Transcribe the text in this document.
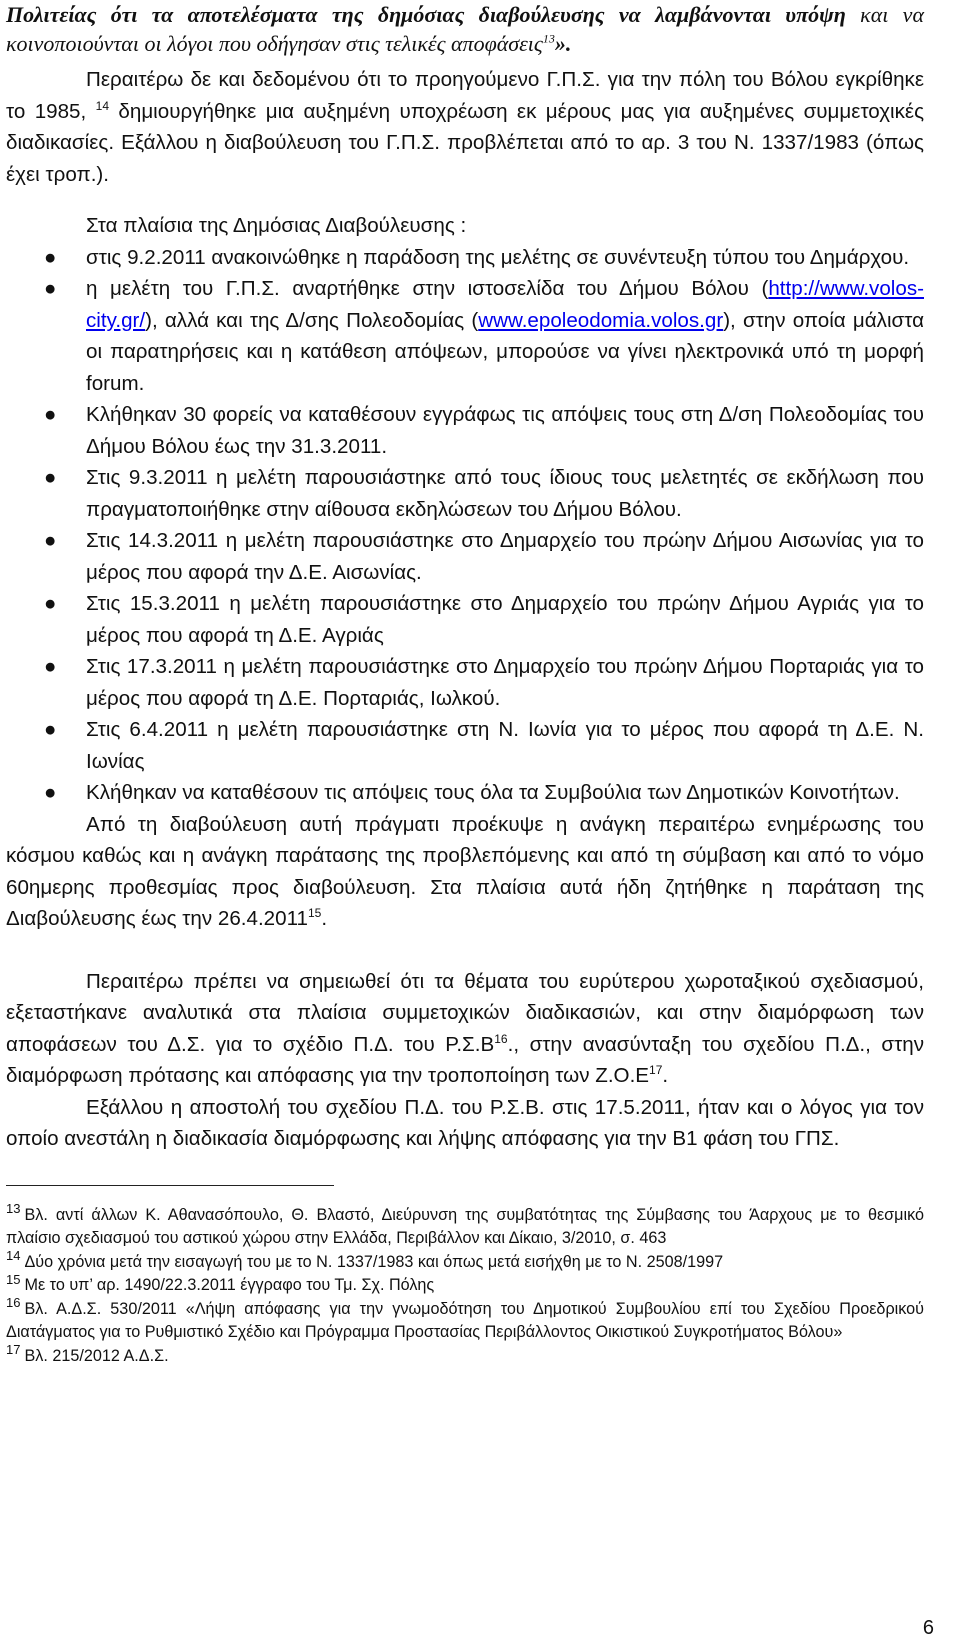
Πολιτείας ότι τα αποτελέσματα της δημόσιας διαβούλευσης να λαμβάνονται υπόψη και να κοινοποιούνται οι λόγοι που οδήγησαν στις τελικές αποφάσεις$^{13}$».

Περαιτέρω δε και δεδομένου ότι το προηγούμενο Γ.Π.Σ. για την πόλη του Βόλου εγκρίθηκε το 1985, $^{14}$ δημιουργήθηκε μια αυξημένη υποχρέωση εκ μέρους μας για αυξημένες συμμετοχικές διαδικασίες. Εξάλλου η διαβούλευση του Γ.Π.Σ. προβλέπεται από το αρ. 3 του Ν. 1337/1983 (όπως έχει τροπ.).

Στα πλαίσια της Δημόσιας Διαβούλευσης :

● στις 9.2.2011 ανακοινώθηκε η παράδοση της μελέτης σε συνέντευξη τύπου του Δημάρχου.
● η μελέτη του Γ.Π.Σ. αναρτήθηκε στην ιστοσελίδα του Δήμου Βόλου (http://www.volos-city.gr/), αλλά και της Δ/σης Πολεοδομίας (www.epoleodomia.volos.gr), στην οποία μάλιστα οι παρατηρήσεις και η κατάθεση απόψεων, μπορούσε να γίνει ηλεκτρονικά υπό τη μορφή forum.
● Κλήθηκαν 30 φορείς να καταθέσουν εγγράφως τις απόψεις τους στη Δ/ση Πολεοδομίας του Δήμου Βόλου έως την 31.3.2011.
● Στις 9.3.2011 η μελέτη παρουσιάστηκε από τους ίδιους τους μελετητές σε εκδήλωση που πραγματοποιήθηκε στην αίθουσα εκδηλώσεων του Δήμου Βόλου.
● Στις 14.3.2011 η μελέτη παρουσιάστηκε στο Δημαρχείο του πρώην Δήμου Αισωνίας για το μέρος που αφορά την Δ.Ε. Αισωνίας.
● Στις 15.3.2011 η μελέτη παρουσιάστηκε στο Δημαρχείο του πρώην Δήμου Αγριάς για το μέρος που αφορά τη Δ.Ε. Αγριάς
● Στις 17.3.2011 η μελέτη παρουσιάστηκε στο Δημαρχείο του πρώην Δήμου Πορταριάς για το μέρος που αφορά τη Δ.Ε. Πορταριάς, Ιωλκού.
● Στις 6.4.2011 η μελέτη παρουσιάστηκε στη Ν. Ιωνία για το μέρος που αφορά τη Δ.Ε. Ν. Ιωνίας
● Κλήθηκαν να καταθέσουν τις απόψεις τους όλα τα Συμβούλια των Δημοτικών Κοινοτήτων.

Από τη διαβούλευση αυτή πράγματι προέκυψε η ανάγκη περαιτέρω ενημέρωσης του κόσμου καθώς και η ανάγκη παράτασης της προβλεπόμενης και από τη σύμβαση και από το νόμο 60ημερης προθεσμίας προς διαβούλευση. Στα πλαίσια αυτά ήδη ζητήθηκε η παράταση της Διαβούλευσης έως την 26.4.2011$^{15}$.

Περαιτέρω πρέπει να σημειωθεί ότι τα θέματα του ευρύτερου χωροταξικού σχεδιασμού, εξεταστήκανε αναλυτικά στα πλαίσια συμμετοχικών διαδικασιών, και στην διαμόρφωση των αποφάσεων του Δ.Σ. για το σχέδιο Π.Δ. του $P.\Sigma.B^{16}$., στην ανασύνταξη του σχεδίου Π.Δ., στην διαμόρφωση πρότασης και απόφασης για την τροποποίηση των $Z.O.E^{17}$.

Εξάλλου η αποστολή του σχεδίου Π.Δ. του Ρ.Σ.Β. στις 17.5.2011, ήταν και ο λόγος για τον οποίο ανεστάλη η διαδικασία διαμόρφωσης και λήψης απόφασης για την Β1 φάση του ΓΠΣ.

$^{13}$ Βλ. αντί άλλων Κ. Αθανασόπουλο, Θ. Βλαστό, Διεύρυνση της συμβατότητας της Σύμβασης του Άαρχους με το θεσμικό πλαίσιο σχεδιασμού του αστικού χώρου στην Ελλάδα, Περιβάλλον και Δίκαιο, 3/2010, σ. 463

$^{14}$ Δύο χρόνια μετά την εισαγωγή του με το Ν. 1337/1983 και όπως μετά εισήχθη με το Ν. 2508/1997

$^{15}$ Με το υπ’ αρ. 1490/22.3.2011 έγγραφο του Τμ. Σχ. Πόλης

$^{16}$ Βλ. Α.Δ.Σ. 530/2011 «Λήψη απόφασης για την γνωμοδότηση του Δημοτικού Συμβουλίου επί του Σχεδίου Προεδρικού Διατάγματος για το Ρυθμιστικό Σχέδιο και Πρόγραμμα Προστασίας Περιβάλλοντος Οικιστικού Συγκροτήματος Βόλου»

$^{17}$ Βλ. 215/2012 Α.Δ.Σ.

6
